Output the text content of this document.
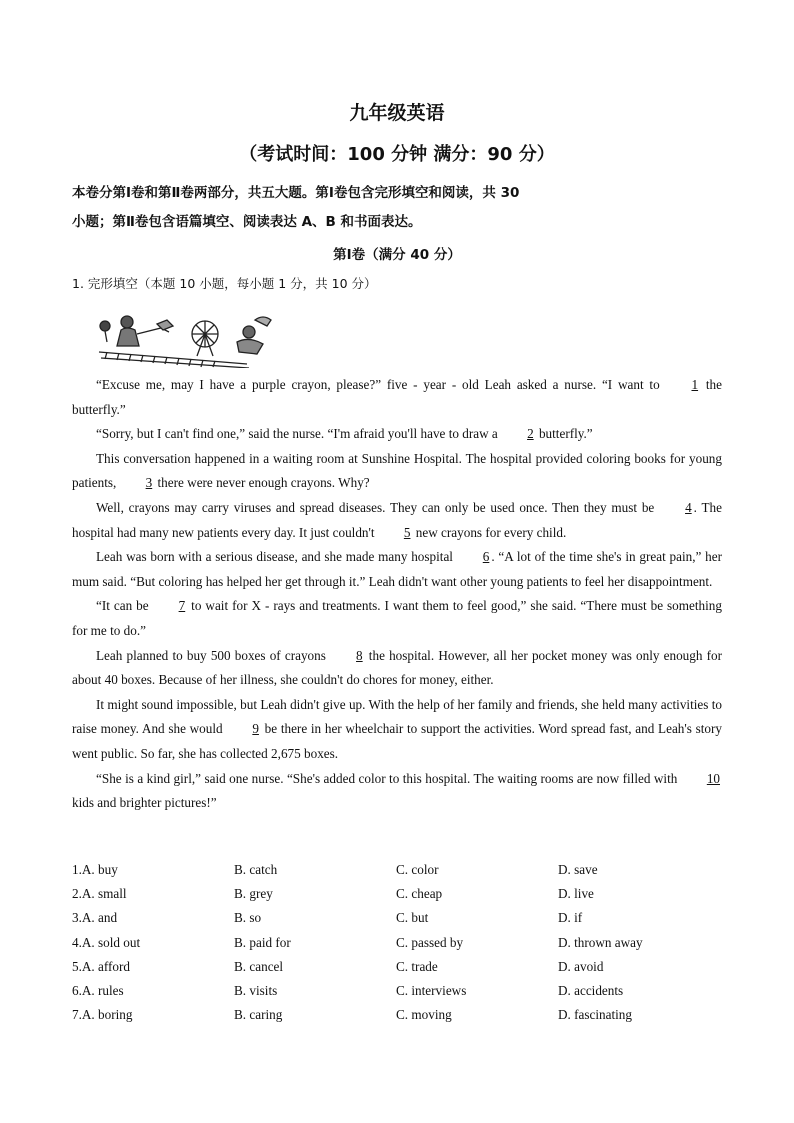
九年级英语
（考试时间：100 分钟 满分：90 分）
本卷分第Ⅰ卷和第Ⅱ卷两部分，共五大题。第Ⅰ卷包含完形填空和阅读，共 30
小题；第Ⅱ卷包含语篇填空、阅读表达 A、B 和书面表达。
第Ⅰ卷（满分 40 分）
1. 完形填空（本题 10 小题，每小题 1 分，共 10 分）

“Excuse me, may I have a purple crayon, please?” five - year - old Leah asked a nurse. “I want to 1 the butterfly.”

“Sorry, but I can't find one,” said the nurse. “I'm afraid you'll have to draw a 2 butterfly.”

This conversation happened in a waiting room at Sunshine Hospital. The hospital provided coloring books for young patients, 3 there were never enough crayons. Why?

Well, crayons may carry viruses and spread diseases. They can only be used once. Then they must be 4 . The hospital had many new patients every day. It just couldn't 5 new crayons for every child.

Leah was born with a serious disease, and she made many hospital 6 . “A lot of the time she's in great pain,” her mum said. “But coloring has helped her get through it.” Leah didn't want other young patients to feel her disappointment.

“It can be 7 to wait for X - rays and treatments. I want them to feel good,” she said. “There must be something for me to do.”

Leah planned to buy 500 boxes of crayons 8 the hospital. However, all her pocket money was only enough for about 40 boxes. Because of her illness, she couldn't do chores for money, either.

It might sound impossible, but Leah didn't give up. With the help of her family and friends, she held many activities to raise money. And she would 9 be there in her wheelchair to support the activities. Word spread fast, and Leah's story went public. So far, she has collected 2,675 boxes.

“She is a kind girl,” said one nurse. “She's added color to this hospital. The waiting rooms are now filled with 10 kids and brighter pictures!”

1.A. buy	B. catch	C. color	D. save
2.A. small	B. grey	C. cheap	D. live
3.A. and	B. so	C. but	D. if
4.A. sold out	B. paid for	C. passed by	D. thrown away
5.A. afford	B. cancel	C. trade	D. avoid
6.A. rules	B. visits	C. interviews	D. accidents
7.A. boring	B. caring	C. moving	D. fascinating
